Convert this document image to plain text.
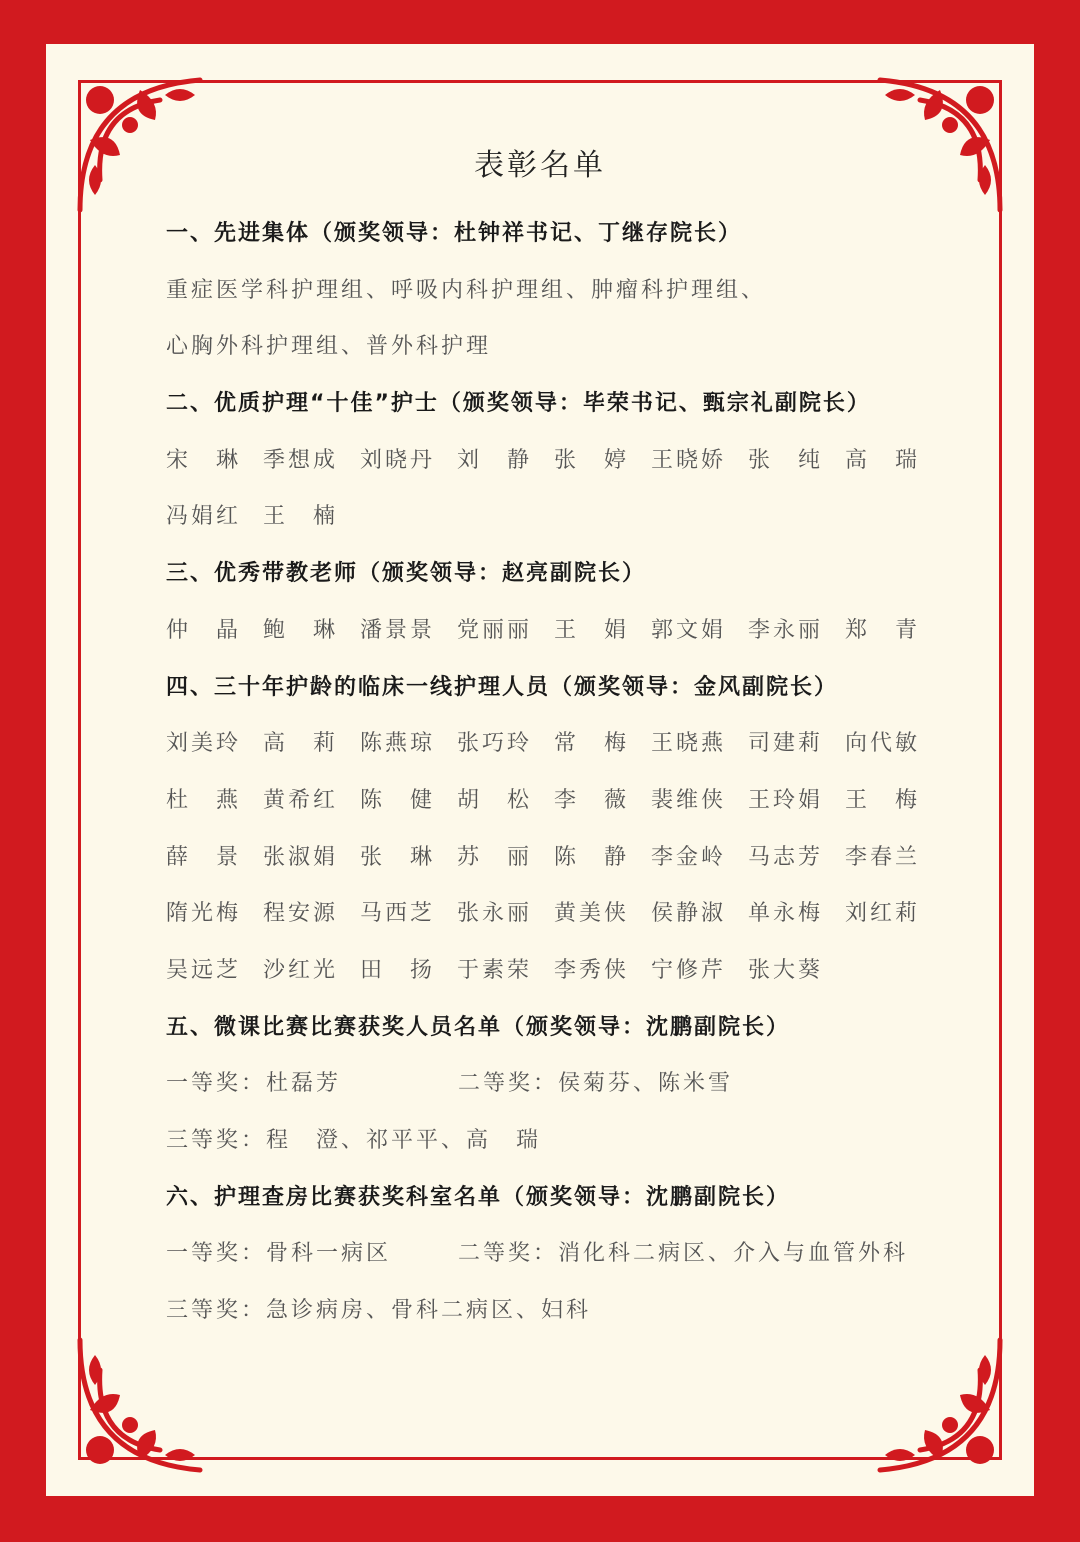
表彰名单
一、先进集体（颁奖领导：杜钟祥书记、丁继存院长）
重症医学科护理组、呼吸内科护理组、肿瘤科护理组、
心胸外科护理组、普外科护理
二、优质护理“十佳”护士（颁奖领导：毕荣书记、甄宗礼副院长）
宋　琳 季想成 刘晓丹 刘　静 张　婷 王晓娇 张　纯 高　瑞
冯娟红 王　楠
三、优秀带教老师（颁奖领导：赵亮副院长）
仲　晶 鲍　琳 潘景景 党丽丽 王　娟 郭文娟 李永丽 郑　青
四、三十年护龄的临床一线护理人员（颁奖领导：金风副院长）
刘美玲 高　莉 陈燕琼 张巧玲 常　梅 王晓燕 司建莉 向代敏
杜　燕 黄希红 陈　健 胡　松 李　薇 裴维侠 王玲娟 王　梅
薛　景 张淑娟 张　琳 苏　丽 陈　静 李金岭 马志芳 李春兰
隋光梅 程安源 马西芝 张永丽 黄美侠 侯静淑 单永梅 刘红莉
吴远芝 沙红光 田　扬 于素荣 李秀侠 宁修芹 张大葵
五、微课比赛比赛获奖人员名单（颁奖领导：沈鹏副院长）
一等奖：杜磊芳	二等奖：侯菊芬、陈米雪
三等奖：程　澄、祁平平、高　瑞
六、护理查房比赛获奖科室名单（颁奖领导：沈鹏副院长）
一等奖：骨科一病区	二等奖：消化科二病区、介入与血管外科
三等奖：急诊病房、骨科二病区、妇科
